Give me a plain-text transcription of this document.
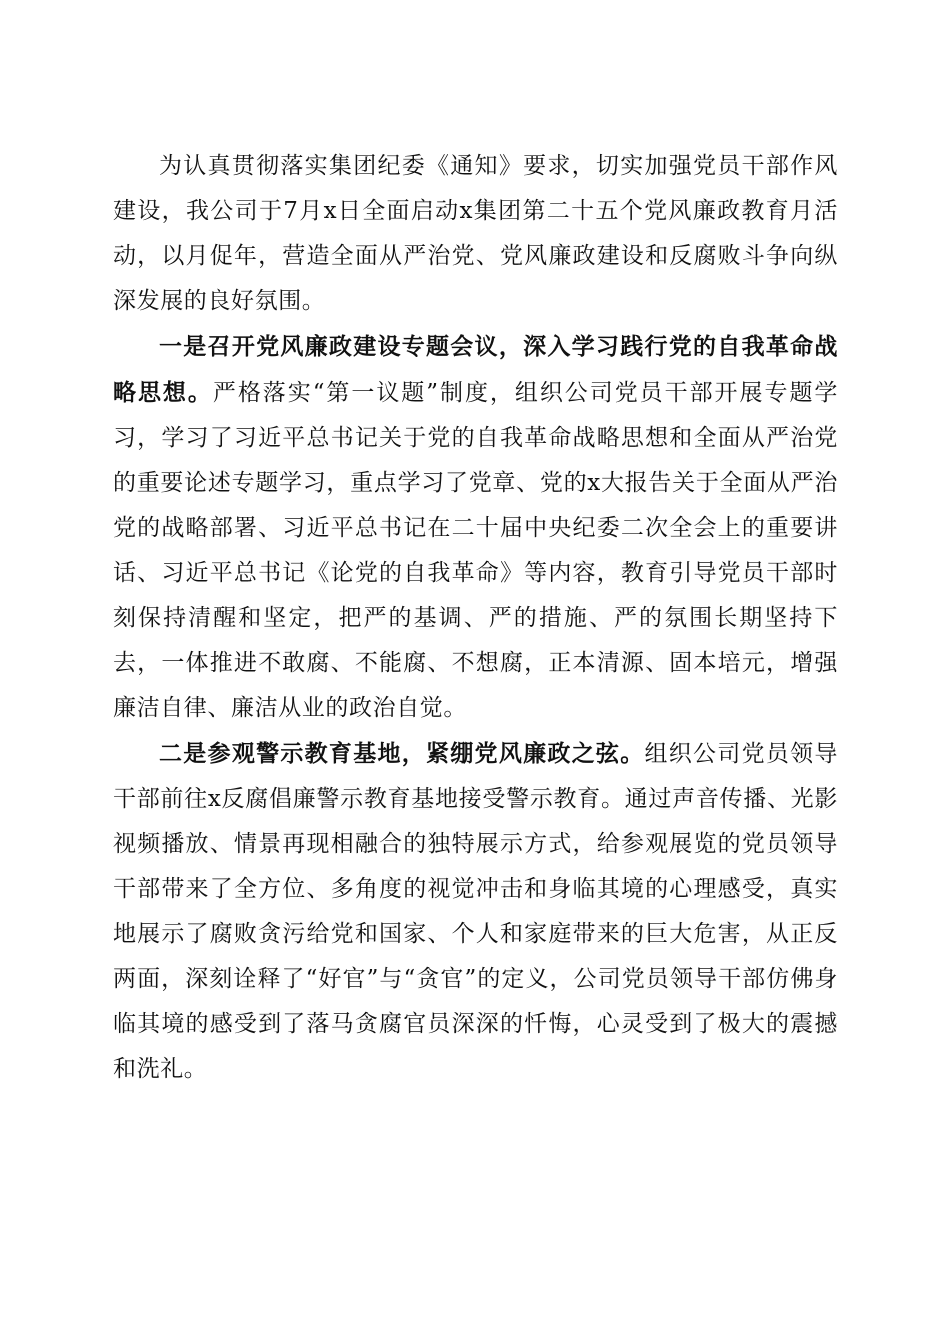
为认真贯彻落实集团纪委《通知》要求，切实加强党员干部作风建设，我公司于7月x日全面启动x集团第二十五个党风廉政教育月活动，以月促年，营造全面从严治党、党风廉政建设和反腐败斗争向纵深发展的良好氛围。

一是召开党风廉政建设专题会议，深入学习践行党的自我革命战略思想。严格落实“第一议题”制度，组织公司党员干部开展专题学习，学习了习近平总书记关于党的自我革命战略思想和全面从严治党的重要论述专题学习，重点学习了党章、党的x大报告关于全面从严治党的战略部署、习近平总书记在二十届中央纪委二次全会上的重要讲话、习近平总书记《论党的自我革命》等内容，教育引导党员干部时刻保持清醒和坚定，把严的基调、严的措施、严的氛围长期坚持下去，一体推进不敢腐、不能腐、不想腐，正本清源、固本培元，增强廉洁自律、廉洁从业的政治自觉。

二是参观警示教育基地，紧绷党风廉政之弦。组织公司党员领导干部前往x反腐倡廉警示教育基地接受警示教育。通过声音传播、光影视频播放、情景再现相融合的独特展示方式，给参观展览的党员领导干部带来了全方位、多角度的视觉冲击和身临其境的心理感受，真实地展示了腐败贪污给党和国家、个人和家庭带来的巨大危害，从正反两面，深刻诠释了“好官”与“贪官”的定义，公司党员领导干部仿佛身临其境的感受到了落马贪腐官员深深的忏悔，心灵受到了极大的震撼和洗礼。
